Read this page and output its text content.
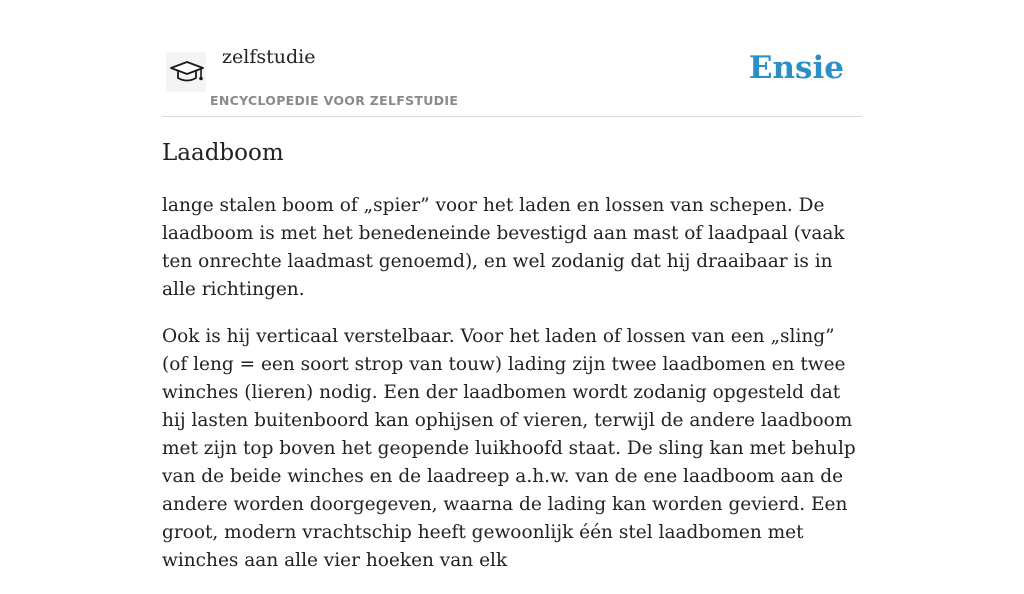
zelfstudie
ENCYCLOPEDIE VOOR ZELFSTUDIE
Ensie
Laadboom

lange stalen boom of „spier” voor het laden en lossen van schepen. De laadboom is met het benedeneinde bevestigd aan mast of laadpaal (vaak ten onrechte laadmast genoemd), en wel zodanig dat hij draaibaar is in alle richtingen.

Ook is hij verticaal verstelbaar. Voor het laden of lossen van een „sling” (of leng = een soort strop van touw) lading zijn twee laadbomen en twee winches (lieren) nodig. Een der laadbomen wordt zodanig opgesteld dat hij lasten buitenboord kan ophijsen of vieren, terwijl de andere laadboom met zijn top boven het geopende luikhoofd staat. De sling kan met behulp van de beide winches en de laadreep a.h.w. van de ene laadboom aan de andere worden doorgegeven, waarna de lading kan worden gevierd. Een groot, modern vrachtschip heeft gewoonlijk één stel laadbomen met winches aan alle vier hoeken van elk
